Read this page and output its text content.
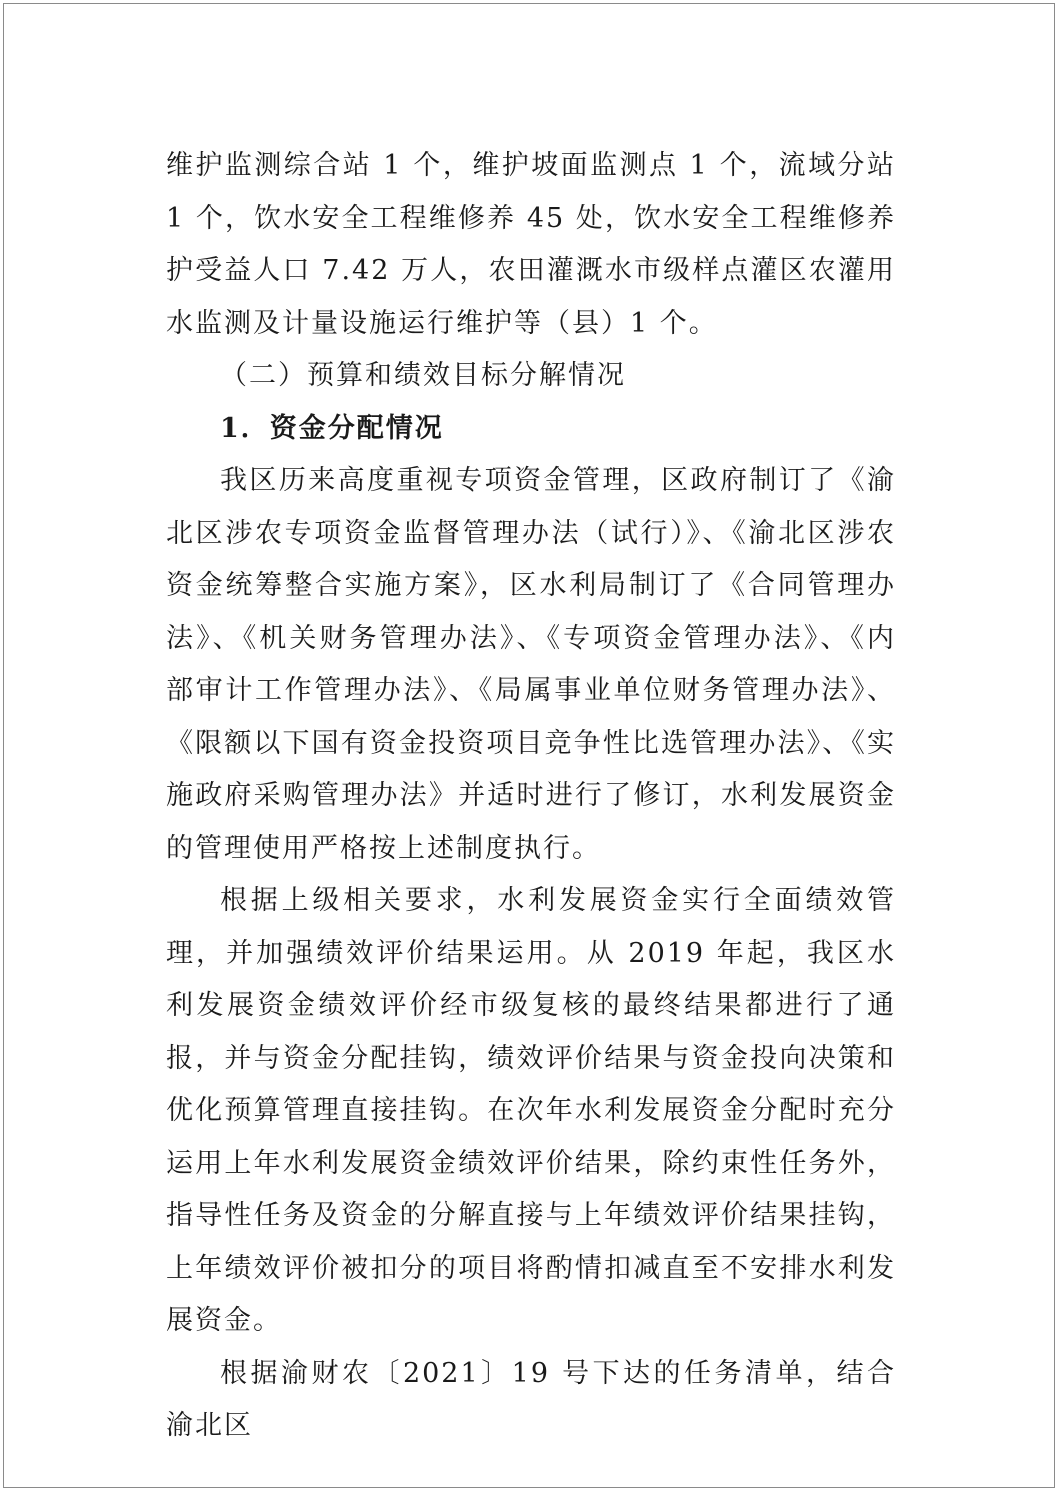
维护监测综合站 1 个，维护坡面监测点 1 个，流域分站 1 个，饮水安全工程维修养 45 处，饮水安全工程维修养护受益人口 7.42 万人，农田灌溉水市级样点灌区农灌用水监测及计量设施运行维护等（县）1 个。

（二）预算和绩效目标分解情况

1．资金分配情况

我区历来高度重视专项资金管理，区政府制订了《渝北区涉农专项资金监督管理办法（试行）》、《渝北区涉农资金统筹整合实施方案》，区水利局制订了《合同管理办法》、《机关财务管理办法》、《专项资金管理办法》、《内部审计工作管理办法》、《局属事业单位财务管理办法》、《限额以下国有资金投资项目竞争性比选管理办法》、《实施政府采购管理办法》并适时进行了修订，水利发展资金的管理使用严格按上述制度执行。

根据上级相关要求，水利发展资金实行全面绩效管理，并加强绩效评价结果运用。从 2019 年起，我区水利发展资金绩效评价经市级复核的最终结果都进行了通报，并与资金分配挂钩，绩效评价结果与资金投向决策和优化预算管理直接挂钩。在次年水利发展资金分配时充分运用上年水利发展资金绩效评价结果，除约束性任务外，指导性任务及资金的分解直接与上年绩效评价结果挂钩，上年绩效评价被扣分的项目将酌情扣减直至不安排水利发展资金。

根据渝财农〔2021〕19 号下达的任务清单，结合渝北区
